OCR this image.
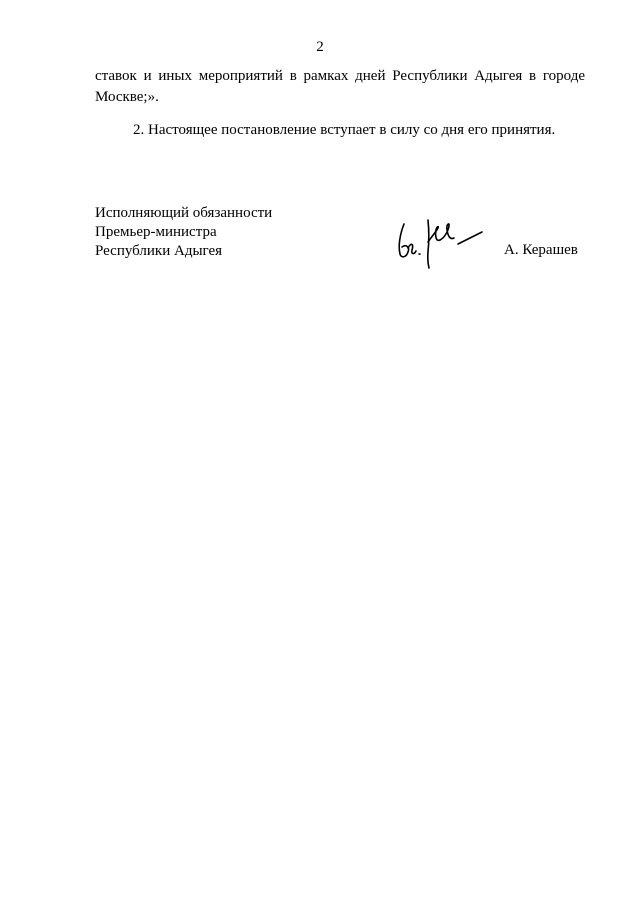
2
ставок и иных мероприятий в рамках дней Республики Адыгея в городе
Москве;».
2. Настоящее постановление вступает в силу со дня его принятия.
Исполняющий обязанности
Премьер-министра
Республики Адыгея	А. Керашев
